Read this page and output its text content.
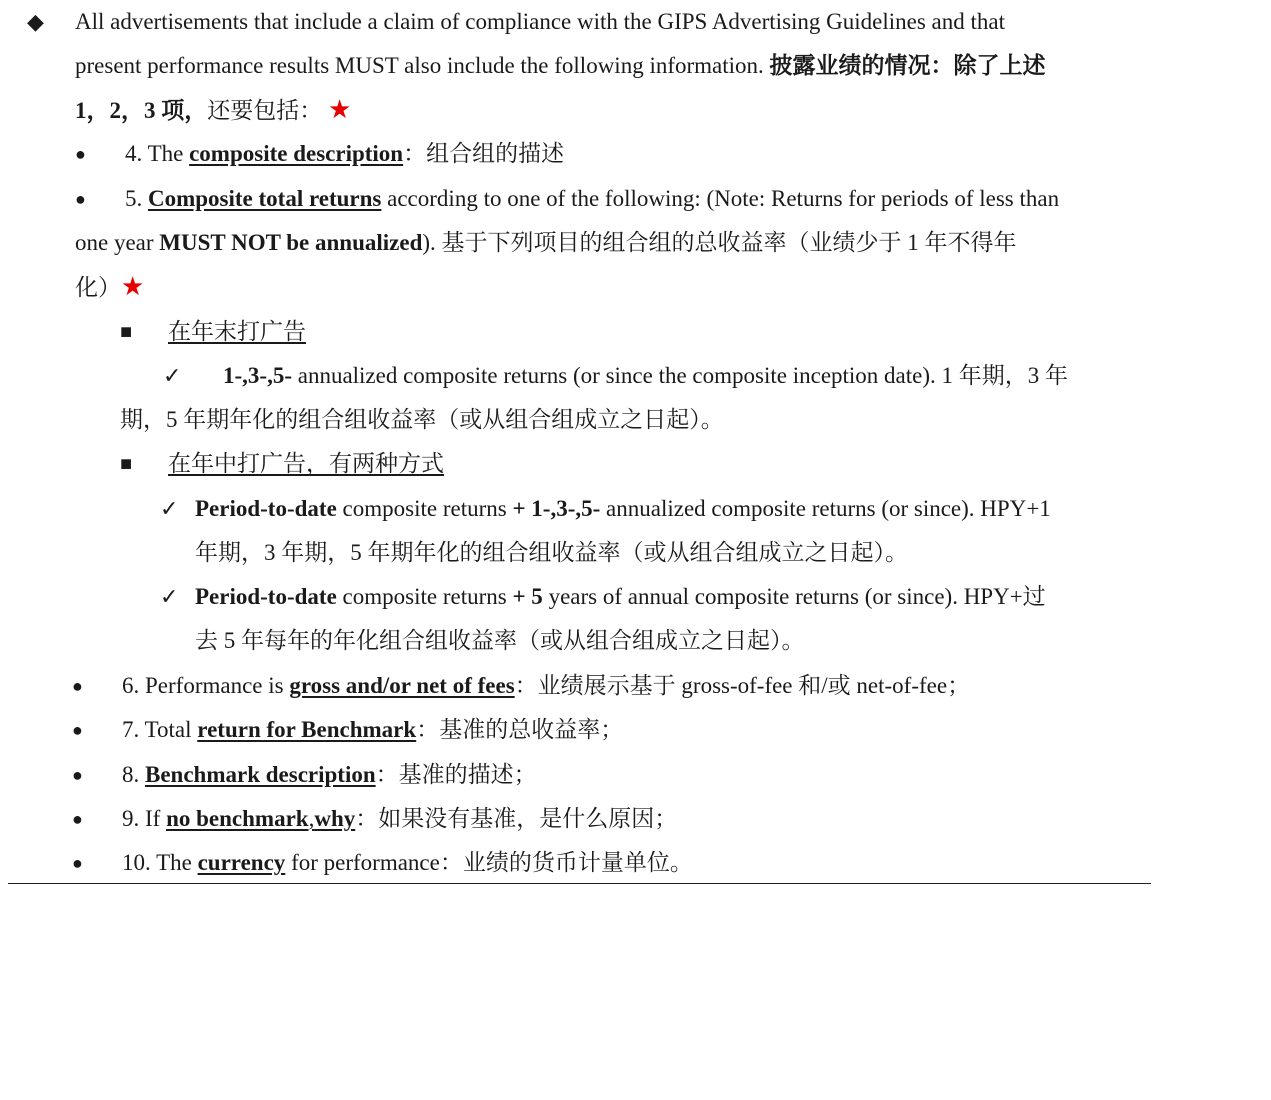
◆ All advertisements that include a claim of compliance with the GIPS Advertising Guidelines and that
present performance results MUST also include the following information. 披露业绩的情况：除了上述
1，2，3 项，还要包括： ★
● 4. The composite description：组合组的描述
● 5. Composite total returns according to one of the following: (Note: Returns for periods of less than
one year MUST NOT be annualized). 基于下列项目的组合组的总收益率（业绩少于 1 年不得年
化）★
■ 在年末打广告
✓ 1-,3-,5- annualized composite returns (or since the composite inception date). 1 年期，3 年
期，5 年期年化的组合组收益率（或从组合组成立之日起）。
■ 在年中打广告，有两种方式
✓ Period-to-date composite returns + 1-,3-,5- annualized composite returns (or since). HPY+1
年期，3 年期，5 年期年化的组合组收益率（或从组合组成立之日起）。
✓ Period-to-date composite returns + 5 years of annual composite returns (or since). HPY+过
去 5 年每年的年化组合组收益率（或从组合组成立之日起）。
● 6. Performance is gross and/or net of fees：业绩展示基于 gross-of-fee 和/或 net-of-fee；
● 7. Total return for Benchmark：基准的总收益率；
● 8. Benchmark description：基准的描述；
● 9. If no benchmark,why：如果没有基准，是什么原因；
● 10. The currency for performance：业绩的货币计量单位。
